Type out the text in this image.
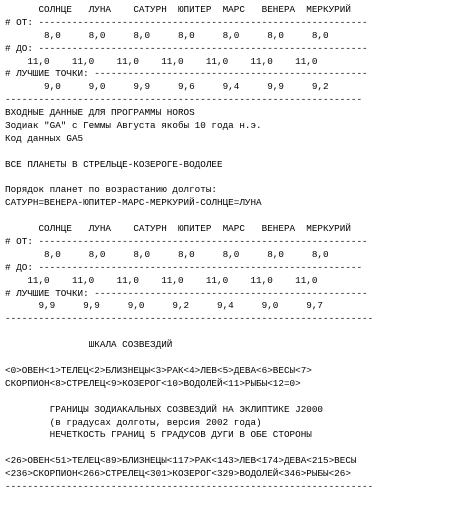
СОЛНЦЕ   ЛУНА    САТУРН  ЮПИТЕР  МАРС   ВЕНЕРА  МЕРКУРИЙ
# ОТ: -----------------------------------------------------------
8,0     8,0     8,0     8,0     8,0     8,0     8,0
# ДО: -----------------------------------------------------------
11,0    11,0    11,0    11,0    11,0    11,0    11,0
# ЛУЧШИЕ ТОЧКИ: -------------------------------------------------
9,0     9,0     9,9     9,6     9,4     9,9     9,2
----------------------------------------------------------------
ВХОДНЫЕ ДАННЫЕ ДЛЯ ПРОГРАММЫ HOROS
Зодиак "GA" с Геммы Августа якобы 10 года н.э.
Код данных GA5
ВСЕ ПЛАНЕТЫ В СТРЕЛЬЦЕ-КОЗЕРОГЕ-ВОДОЛЕЕ
Порядок планет по возрастанию долготы:
САТУРН=ВЕНЕРА-ЮПИТЕР-МАРС-МЕРКУРИЙ-СОЛНЦЕ=ЛУНА
СОЛНЦЕ   ЛУНА    САТУРН  ЮПИТЕР  МАРС   ВЕНЕРА  МЕРКУРИЙ
# ОТ: -----------------------------------------------------------
8,0     8,0     8,0     8,0     8,0     8,0     8,0
# ДО: ----------------------------------------------------------
11,0    11,0    11,0    11,0    11,0    11,0    11,0
# ЛУЧШИЕ ТОЧКИ: -------------------------------------------------
9,9     9,9     9,0     9,2     9,4     9,0     9,7
------------------------------------------------------------------
ШКАЛА СОЗВЕЗДИЙ
<0>ОВЕН<1>ТЕЛЕЦ<2>БЛИЗНЕЦЫ<3>РАК<4>ЛЕВ<5>ДЕВА<6>ВЕСЫ<7>
СКОРПИОН<8>СТРЕЛЕЦ<9>КОЗЕРОГ<10>ВОДОЛЕЙ<11>РЫБЫ<12=0>
ГРАНИЦЫ ЗОДИАКАЛЬНЫХ СОЗВЕЗДИЙ НА ЭКЛИПТИКЕ J2000
(в градусах долготы, версия 2002 года)
НЕЧЕТКОСТЬ ГРАНИЦ 5 ГРАДУСОВ ДУГИ В ОБЕ СТОРОНЫ
<26>ОВЕН<51>ТЕЛЕЦ<89>БЛИЗНЕЦЫ<117>РАК<143>ЛЕВ<174>ДЕВА<215>ВЕСЫ
<236>СКОРПИОН<266>СТРЕЛЕЦ<301>КОЗЕРОГ<329>ВОДОЛЕЙ<346>РЫБЫ<26>
------------------------------------------------------------------
